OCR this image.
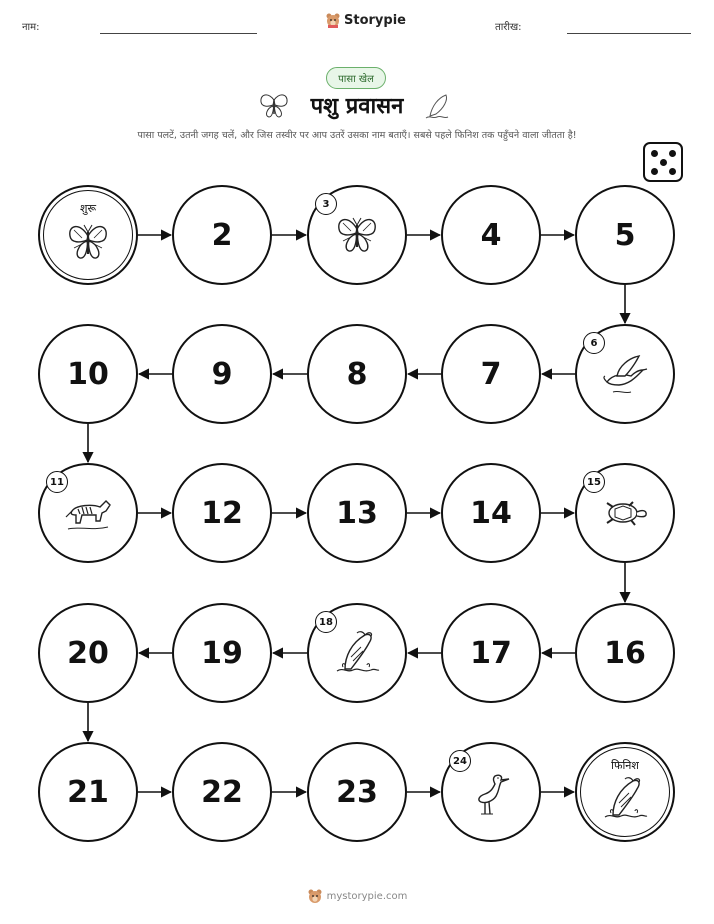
नाम:	Storypie	तारीख:
पासा खेल
पशु प्रवासन
पासा पलटें, उतनी जगह चलें, और जिस तस्वीर पर आप उतरें उसका नाम बताएँ। सबसे पहले फिनिश तक पहुँचने वाला जीतता है!
शुरू
2
3
4	5
6
7
8
9
10
11
12	13	14
15
16
17
18
19
20
21	22	23
24	फिनिश
mystorypie.com
